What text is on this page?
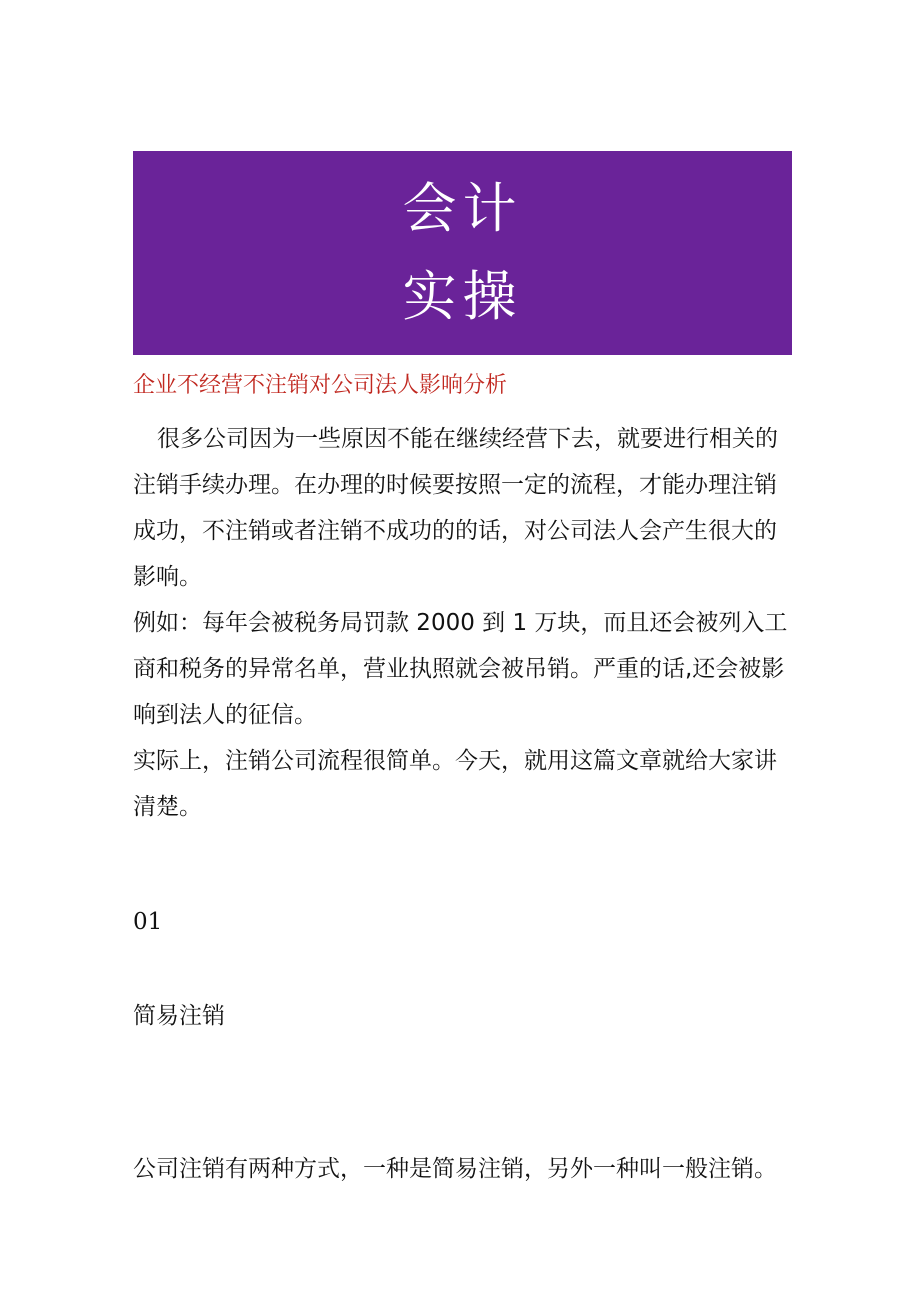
会计
实操
企业不经营不注销对公司法人影响分析

很多公司因为一些原因不能在继续经营下去，就要进行相关的注销手续办理。在办理的时候要按照一定的流程，才能办理注销成功，不注销或者注销不成功的的话，对公司法人会产生很大的影响。

例如：每年会被税务局罚款 2000 到 1 万块，而且还会被列入工商和税务的异常名单，营业执照就会被吊销。严重的话,还会被影响到法人的征信。

实际上，注销公司流程很简单。今天，就用这篇文章就给大家讲清楚。

01
简易注销
公司注销有两种方式，一种是简易注销，另外一种叫一般注销。
